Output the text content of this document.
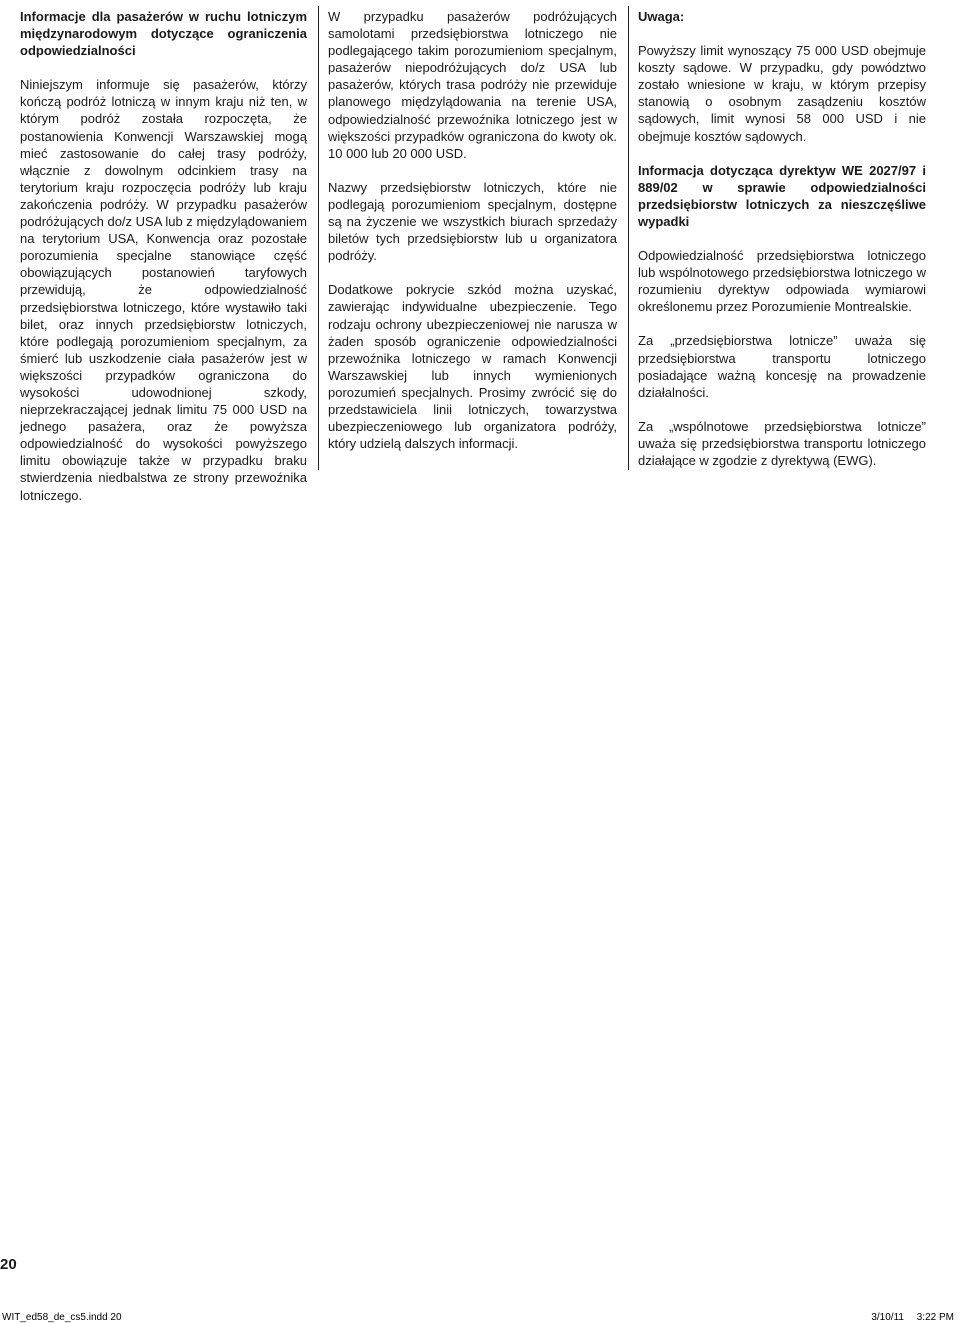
Informacje dla pasażerów w ruchu lotniczym międzynarodowym dotyczące ograniczenia odpowiedzialności

Niniejszym informuje się pasażerów, którzy kończą podróż lotniczą w innym kraju niż ten, w którym podróż została rozpoczęta, że postanowienia Konwencji Warszawskiej mogą mieć zastosowanie do całej trasy podróży, włącznie z dowolnym odcinkiem trasy na terytorium kraju rozpoczęcia podróży lub kraju zakończenia podróży. W przypadku pasażerów podróżujących do/z USA lub z międzylądowaniem na terytorium USA, Konwencja oraz pozostałe porozumienia specjalne stanowiące część obowiązujących postanowień taryfowych przewidują, że odpowiedzialność przedsiębiorstwa lotniczego, które wystawiło taki bilet, oraz innych przedsiębiorstw lotniczych, które podlegają porozumieniom specjalnym, za śmierć lub uszkodzenie ciała pasażerów jest w większości przypadków ograniczona do wysokości udowodnionej szkody, nieprzekraczającej jednak limitu 75 000 USD na jednego pasażera, oraz że powyższa odpowiedzialność do wysokości powyższego limitu obowiązuje także w przypadku braku stwierdzenia niedbalstwa ze strony przewoźnika lotniczego.

W przypadku pasażerów podróżujących samolotami przedsiębiorstwa lotniczego nie podlegającego takim porozumieniom specjalnym, pasażerów niepodróżujących do/z USA lub pasażerów, których trasa podróży nie przewiduje planowego międzylądowania na terenie USA, odpowiedzialność przewoźnika lotniczego jest w większości przypadków ograniczona do kwoty ok. 10 000 lub 20 000 USD.

Nazwy przedsiębiorstw lotniczych, które nie podlegają porozumieniom specjalnym, dostępne są na życzenie we wszystkich biurach sprzedaży biletów tych przedsiębiorstw lub u organizatora podróży.

Dodatkowe pokrycie szkód można uzyskać, zawierając indywidualne ubezpieczenie. Tego rodzaju ochrony ubezpieczeniowej nie narusza w żaden sposób ograniczenie odpowiedzialności przewoźnika lotniczego w ramach Konwencji Warszawskiej lub innych wymienionych porozumień specjalnych. Prosimy zwrócić się do przedstawiciela linii lotniczych, towarzystwa ubezpieczeniowego lub organizatora podróży, który udzielą dalszych informacji.

Uwaga:

Powyższy limit wynoszący 75 000 USD obejmuje koszty sądowe. W przypadku, gdy powództwo zostało wniesione w kraju, w którym przepisy stanowią o osobnym zasądzeniu kosztów sądowych, limit wynosi 58 000 USD i nie obejmuje kosztów sądowych.

Informacja dotycząca dyrektyw WE 2027/97 i 889/02 w sprawie odpowiedzialności przedsiębiorstw lotniczych za nieszczęśliwe wypadki

Odpowiedzialność przedsiębiorstwa lotniczego lub wspólnotowego przedsiębiorstwa lotniczego w rozumieniu dyrektyw odpowiada wymiarowi określonemu przez Porozumienie Montrealskie.

Za „przedsiębiorstwa lotnicze” uważa się przedsiębiorstwa transportu lotniczego posiadające ważną koncesję na prowadzenie działalności.

Za „wspólnotowe przedsiębiorstwa lotnicze” uważa się przedsiębiorstwa transportu lotniczego działające w zgodzie z dyrektywą (EWG).

20
WIT_ed58_de_cs5.indd 20	3/10/11 3:22 PM
